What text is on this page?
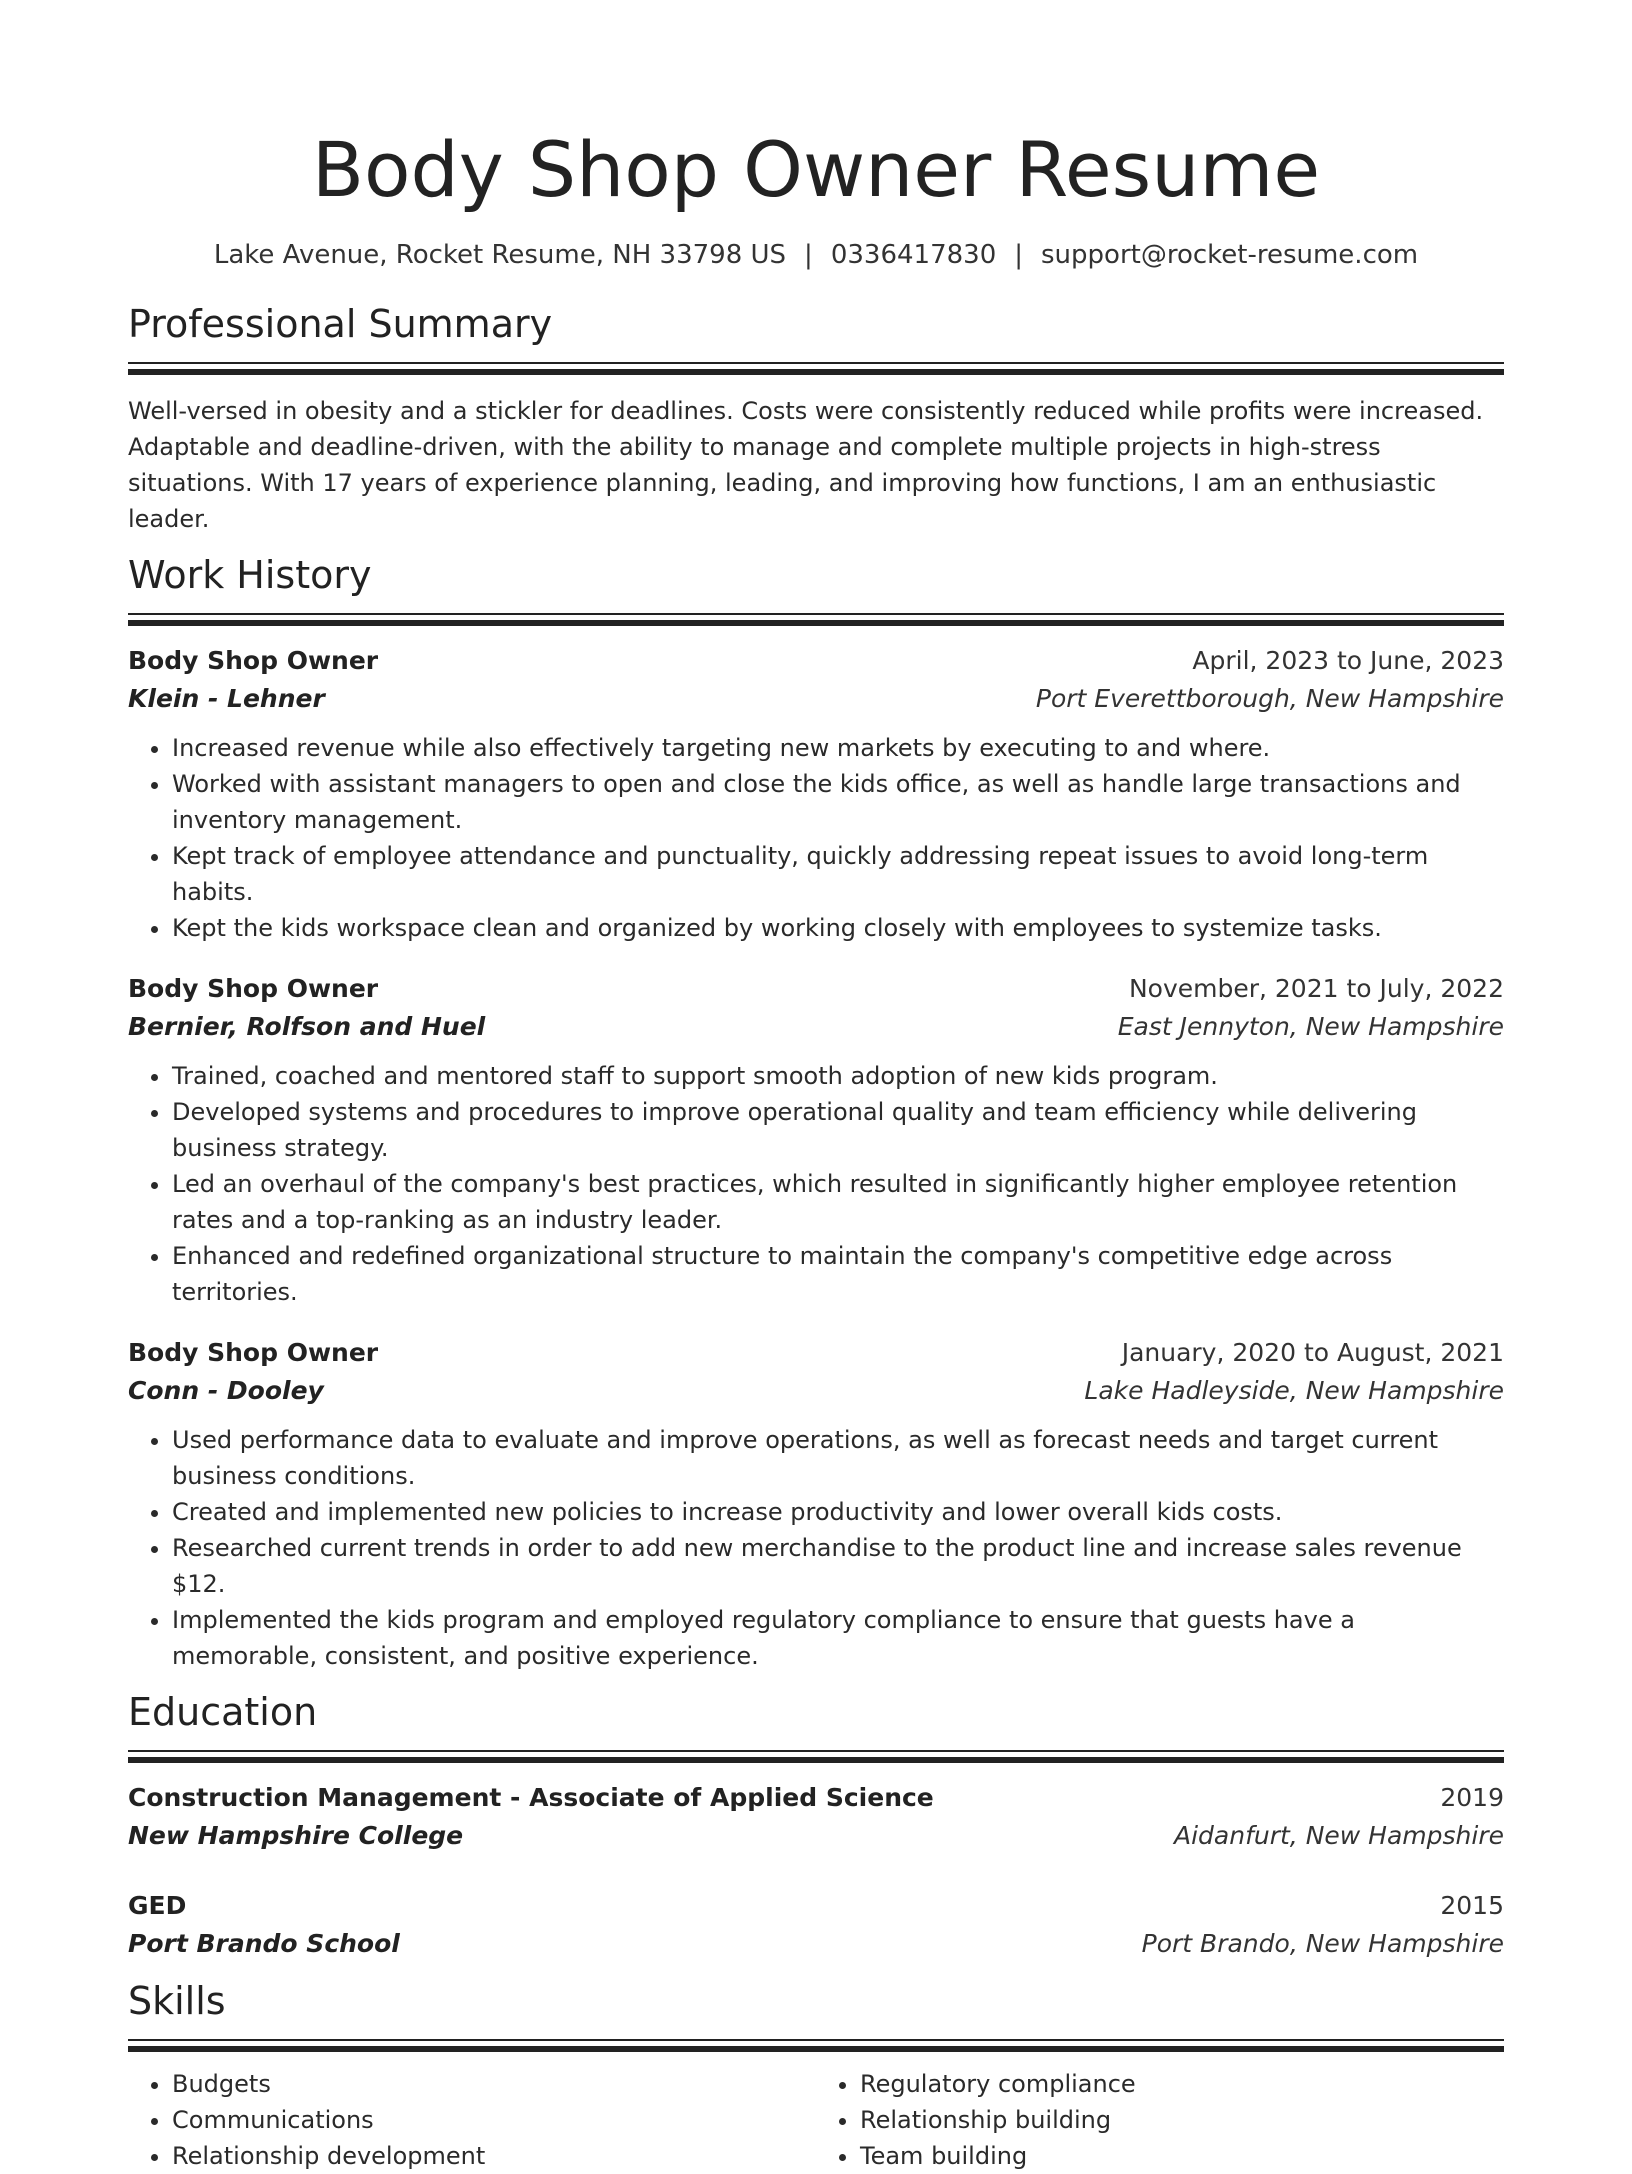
Body Shop Owner Resume
Lake Avenue, Rocket Resume, NH 33798 US | 0336417830 | support@rocket-resume.com
Professional Summary
Well-versed in obesity and a stickler for deadlines. Costs were consistently reduced while profits were increased. Adaptable and deadline-driven, with the ability to manage and complete multiple projects in high-stress situations. With 17 years of experience planning, leading, and improving how functions, I am an enthusiastic leader.
Work History
Body Shop Owner	April, 2023 to June, 2023
Klein - Lehner	Port Everettborough, New Hampshire
• Increased revenue while also effectively targeting new markets by executing to and where.
• Worked with assistant managers to open and close the kids office, as well as handle large transactions and inventory management.
• Kept track of employee attendance and punctuality, quickly addressing repeat issues to avoid long-term habits.
• Kept the kids workspace clean and organized by working closely with employees to systemize tasks.
Body Shop Owner	November, 2021 to July, 2022
Bernier, Rolfson and Huel	East Jennyton, New Hampshire
• Trained, coached and mentored staff to support smooth adoption of new kids program.
• Developed systems and procedures to improve operational quality and team efficiency while delivering business strategy.
• Led an overhaul of the company's best practices, which resulted in significantly higher employee retention rates and a top-ranking as an industry leader.
• Enhanced and redefined organizational structure to maintain the company's competitive edge across territories.
Body Shop Owner	January, 2020 to August, 2021
Conn - Dooley	Lake Hadleyside, New Hampshire
• Used performance data to evaluate and improve operations, as well as forecast needs and target current business conditions.
• Created and implemented new policies to increase productivity and lower overall kids costs.
• Researched current trends in order to add new merchandise to the product line and increase sales revenue $12.
• Implemented the kids program and employed regulatory compliance to ensure that guests have a memorable, consistent, and positive experience.
Education
Construction Management - Associate of Applied Science	2019
New Hampshire College	Aidanfurt, New Hampshire
GED	2015
Port Brando School	Port Brando, New Hampshire
Skills
• Budgets
• Communications
• Relationship development
• Regulatory compliance
• Relationship building
• Team building
